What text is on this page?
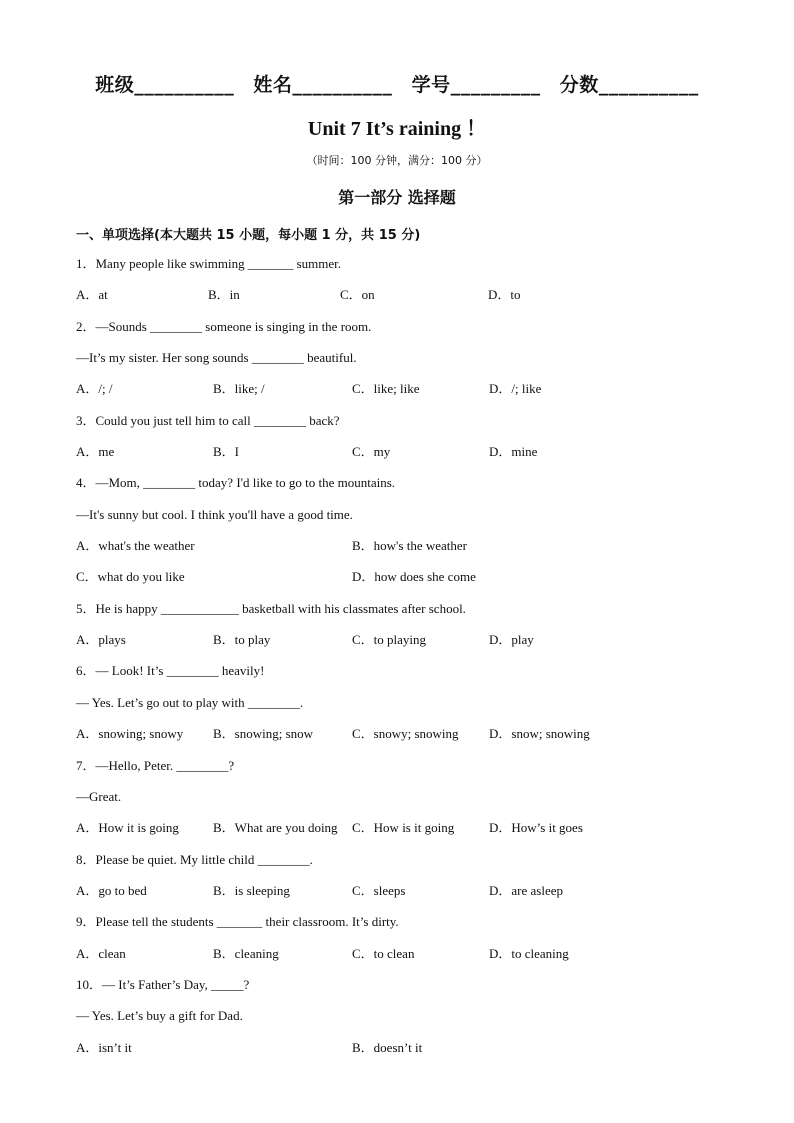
班级__________ 姓名__________ 学号_________ 分数__________
Unit 7 It’s raining ！
（时间：100 分钟，满分：100 分）
第一部分 选择题
一、单项选择(本大题共 15 小题，每小题 1 分，共 15 分)
1．Many people like swimming _______ summer.
A．at	B．in	C．on	D．to
2．—Sounds ________ someone is singing in the room.
—It’s my sister. Her song sounds ________ beautiful.
A．/; /	B．like; /	C．like; like	D．/; like
3．Could you just tell him to call ________ back?
A．me	B．I	C．my	D．mine
4．—Mom, ________ today? I'd like to go to the mountains.
—It's sunny but cool. I think you'll have a good time.
A．what's the weather	B．how's the weather
C．what do you like	D．how does she come
5．He is happy ____________ basketball with his classmates after school.
A．plays	B．to play	C．to playing	D．play
6．— Look! It’s ________ heavily!
— Yes. Let’s go out to play with ________.
A．snowing; snowy B．snowing; snow	C．snowy; snowing D．snow; snowing
7．—Hello, Peter. ________?
—Great.
A．How it is going	B．What are you doing C．How is it going	D．How’s it goes
8．Please be quiet. My little child ________.
A．go to bed	B．is sleeping	C．sleeps	D．are asleep
9．Please tell the students _______ their classroom. It’s dirty.
A．clean	B．cleaning	C．to clean	D．to cleaning
10．— It’s Father’s Day, _____?
— Yes. Let’s buy a gift for Dad.
A．isn’t it	B．doesn’t it
